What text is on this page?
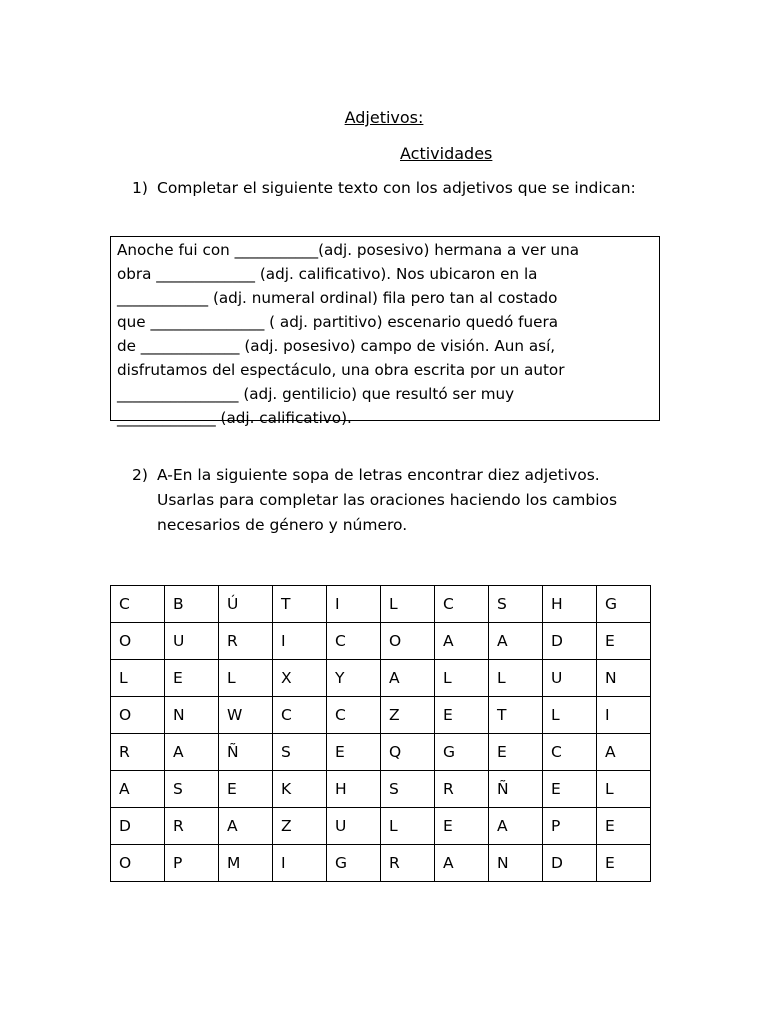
Adjetivos:
Actividades
1) Completar el siguiente texto con los adjetivos que se indican:
Anoche fui con ___________(adj. posesivo) hermana a ver una
obra _____________ (adj. calificativo). Nos ubicaron en la
____________ (adj. numeral ordinal) fila pero tan al costado
que _______________ ( adj. partitivo) escenario quedó fuera
de _____________ (adj. posesivo) campo de visión. Aun así,
disfrutamos del espectáculo, una obra escrita por un autor
________________ (adj. gentilicio) que resultó ser muy
_____________ (adj. calificativo).
2) A-En la siguiente sopa de letras encontrar diez adjetivos. Usarlas para completar las oraciones haciendo los cambios necesarios de género y número.
C	B	Ú	T	I	L	C	S	H	G
O	U	R	I	C	O	A	A	D	E
L	E	L	X	Y	A	L	L	U	N
O	N	W	C	C	Z	E	T	L	I
R	A	Ñ	S	E	Q	G	E	C	A
A	S	E	K	H	S	R	Ñ	E	L
D	R	A	Z	U	L	E	A	P	E
O	P	M	I	G	R	A	N	D	E
